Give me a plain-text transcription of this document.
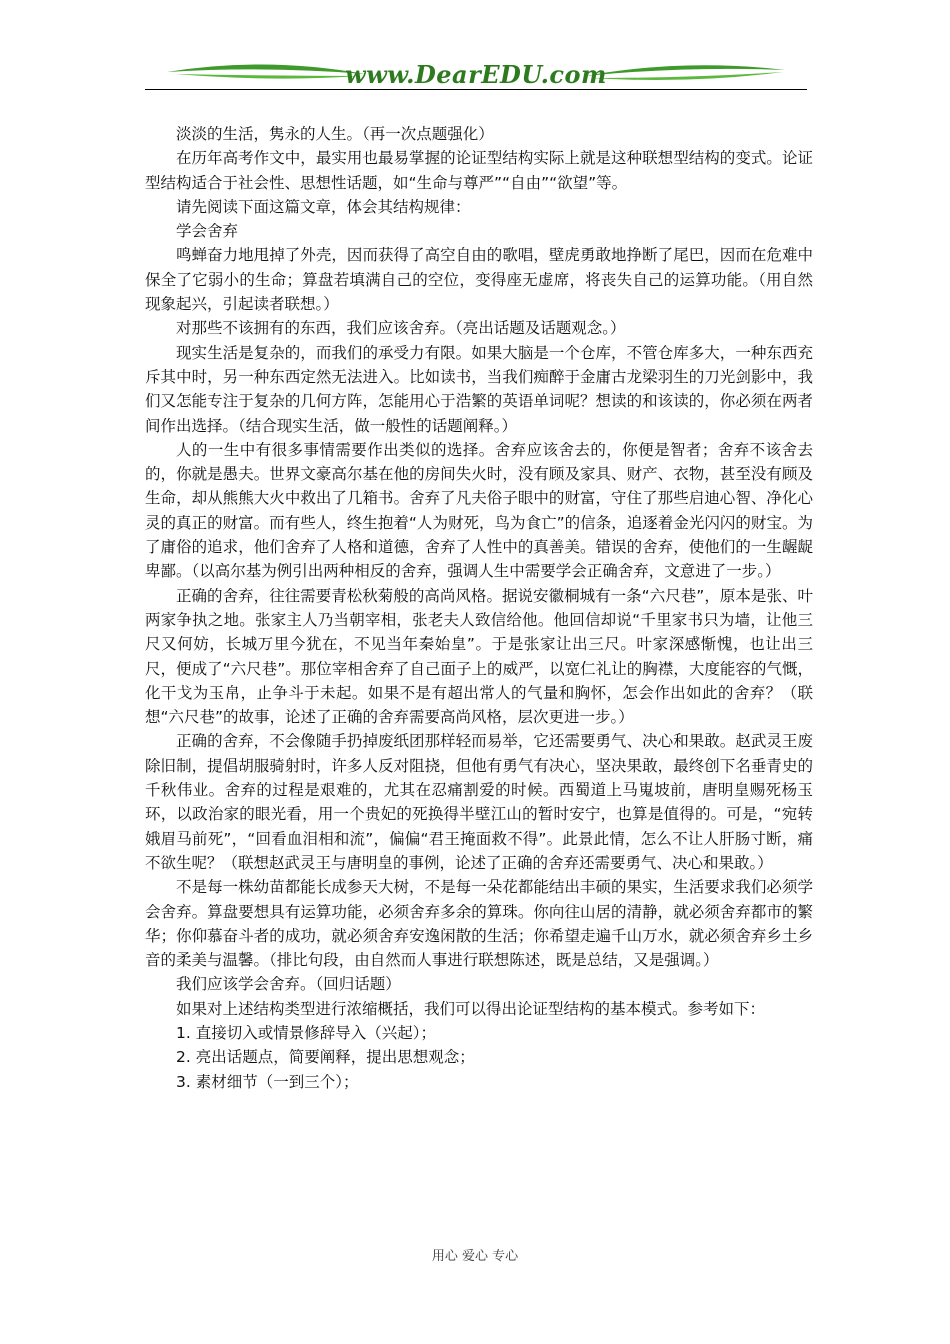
www.DearEDU.com

淡淡的生活，隽永的人生。（再一次点题强化）

在历年高考作文中，最实用也最易掌握的论证型结构实际上就是这种联想型结构的变式。论证型结构适合于社会性、思想性话题，如“生命与尊严”“自由”“欲望”等。

请先阅读下面这篇文章，体会其结构规律：

学会舍弃

鸣蝉奋力地甩掉了外壳，因而获得了高空自由的歌唱，壁虎勇敢地挣断了尾巴，因而在危难中保全了它弱小的生命；算盘若填满自己的空位，变得座无虚席，将丧失自己的运算功能。（用自然现象起兴，引起读者联想。）

对那些不该拥有的东西，我们应该舍弃。（亮出话题及话题观念。）

现实生活是复杂的，而我们的承受力有限。如果大脑是一个仓库，不管仓库多大，一种东西充斥其中时，另一种东西定然无法进入。比如读书，当我们痴醉于金庸古龙梁羽生的刀光剑影中，我们又怎能专注于复杂的几何方阵，怎能用心于浩繁的英语单词呢？想读的和该读的，你必须在两者间作出选择。（结合现实生活，做一般性的话题阐释。）

人的一生中有很多事情需要作出类似的选择。舍弃应该舍去的，你便是智者；舍弃不该舍去的，你就是愚夫。世界文豪高尔基在他的房间失火时，没有顾及家具、财产、衣物，甚至没有顾及生命，却从熊熊大火中救出了几箱书。舍弃了凡夫俗子眼中的财富，守住了那些启迪心智、净化心灵的真正的财富。而有些人，终生抱着“人为财死，鸟为食亡”的信条，追逐着金光闪闪的财宝。为了庸俗的追求，他们舍弃了人格和道德，舍弃了人性中的真善美。错误的舍弃，使他们的一生龌龊卑鄙。（以高尔基为例引出两种相反的舍弃，强调人生中需要学会正确舍弃，文意进了一步。）

正确的舍弃，往往需要青松秋菊般的高尚风格。据说安徽桐城有一条“六尺巷”，原本是张、叶两家争执之地。张家主人乃当朝宰相，张老夫人致信给他。他回信却说“千里家书只为墙，让他三尺又何妨，长城万里今犹在，不见当年秦始皇”。于是张家让出三尺。叶家深感惭愧，也让出三尺，便成了“六尺巷”。那位宰相舍弃了自己面子上的威严，以宽仁礼让的胸襟，大度能容的气慨，化干戈为玉帛，止争斗于未起。如果不是有超出常人的气量和胸怀，怎会作出如此的舍弃？（联想“六尺巷”的故事，论述了正确的舍弃需要高尚风格，层次更进一步。）

正确的舍弃，不会像随手扔掉废纸团那样轻而易举，它还需要勇气、决心和果敢。赵武灵王废除旧制，提倡胡服骑射时，许多人反对阻挠，但他有勇气有决心，坚决果敢，最终创下名垂青史的千秋伟业。舍弃的过程是艰难的，尤其在忍痛割爱的时候。西蜀道上马嵬坡前，唐明皇赐死杨玉环，以政治家的眼光看，用一个贵妃的死换得半壁江山的暂时安宁，也算是值得的。可是，“宛转娥眉马前死”，“回看血泪相和流”，偏偏“君王掩面救不得”。此景此情，怎么不让人肝肠寸断，痛不欲生呢？（联想赵武灵王与唐明皇的事例，论述了正确的舍弃还需要勇气、决心和果敢。）

不是每一株幼苗都能长成参天大树，不是每一朵花都能结出丰硕的果实，生活要求我们必须学会舍弃。算盘要想具有运算功能，必须舍弃多余的算珠。你向往山居的清静，就必须舍弃都市的繁华；你仰慕奋斗者的成功，就必须舍弃安逸闲散的生活；你希望走遍千山万水，就必须舍弃乡土乡音的柔美与温馨。（排比句段，由自然而人事进行联想陈述，既是总结，又是强调。）

我们应该学会舍弃。（回归话题）

如果对上述结构类型进行浓缩概括，我们可以得出论证型结构的基本模式。参考如下：

1. 直接切入或情景修辞导入（兴起）；

2. 亮出话题点，简要阐释，提出思想观念；

3. 素材细节（一到三个）；

用心 爱心 专心
